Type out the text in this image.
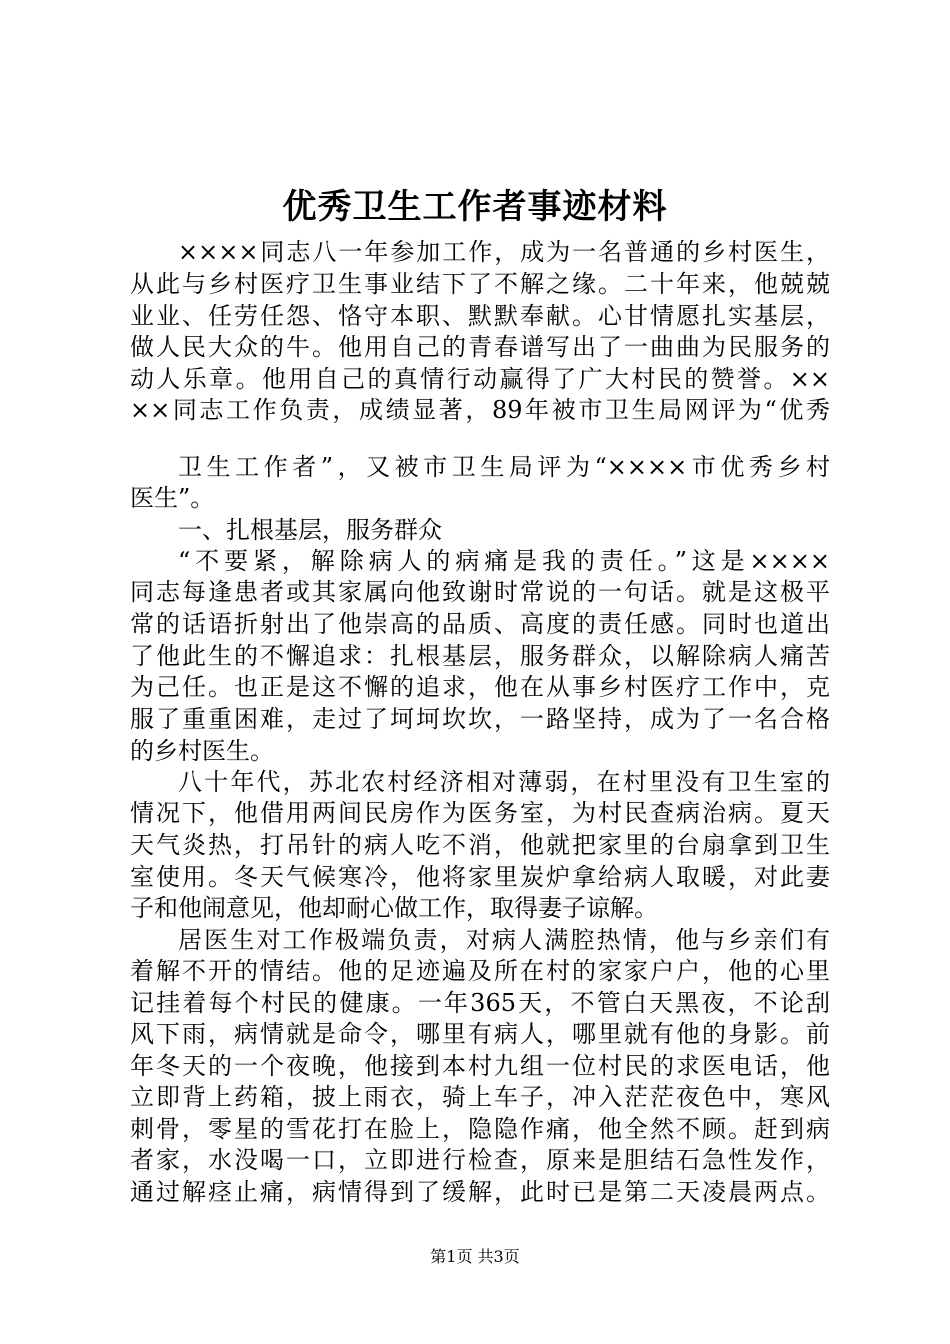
优秀卫生工作者事迹材料
××××同志八一年参加工作，成为一名普通的乡村医生，
从此与乡村医疗卫生事业结下了不解之缘。二十年来，他兢兢
业业、任劳任怨、恪守本职、默默奉献。心甘情愿扎实基层，
做人民大众的牛。他用自己的青春谱写出了一曲曲为民服务的
动人乐章。他用自己的真情行动赢得了广大村民的赞誉。××
××同志工作负责，成绩显著，89年被市卫生局网评为“优秀
卫生工作者”，又被市卫生局评为“××××市优秀乡村
医生”。
一、扎根基层，服务群众
“不要紧，解除病人的病痛是我的责任。”这是××××
同志每逢患者或其家属向他致谢时常说的一句话。就是这极平
常的话语折射出了他崇高的品质、高度的责任感。同时也道出
了他此生的不懈追求：扎根基层，服务群众，以解除病人痛苦
为己任。也正是这不懈的追求，他在从事乡村医疗工作中，克
服了重重困难，走过了坷坷坎坎，一路坚持，成为了一名合格
的乡村医生。
八十年代，苏北农村经济相对薄弱，在村里没有卫生室的
情况下，他借用两间民房作为医务室，为村民查病治病。夏天
天气炎热，打吊针的病人吃不消，他就把家里的台扇拿到卫生
室使用。冬天气候寒冷，他将家里炭炉拿给病人取暖，对此妻
子和他闹意见，他却耐心做工作，取得妻子谅解。
居医生对工作极端负责，对病人满腔热情，他与乡亲们有
着解不开的情结。他的足迹遍及所在村的家家户户，他的心里
记挂着每个村民的健康。一年365天，不管白天黑夜，不论刮
风下雨，病情就是命令，哪里有病人，哪里就有他的身影。前
年冬天的一个夜晚，他接到本村九组一位村民的求医电话，他
立即背上药箱，披上雨衣，骑上车子，冲入茫茫夜色中，寒风
刺骨，零星的雪花打在脸上，隐隐作痛，他全然不顾。赶到病
者家，水没喝一口，立即进行检查，原来是胆结石急性发作，
通过解痉止痛，病情得到了缓解，此时已是第二天凌晨两点。
第1页 共3页
